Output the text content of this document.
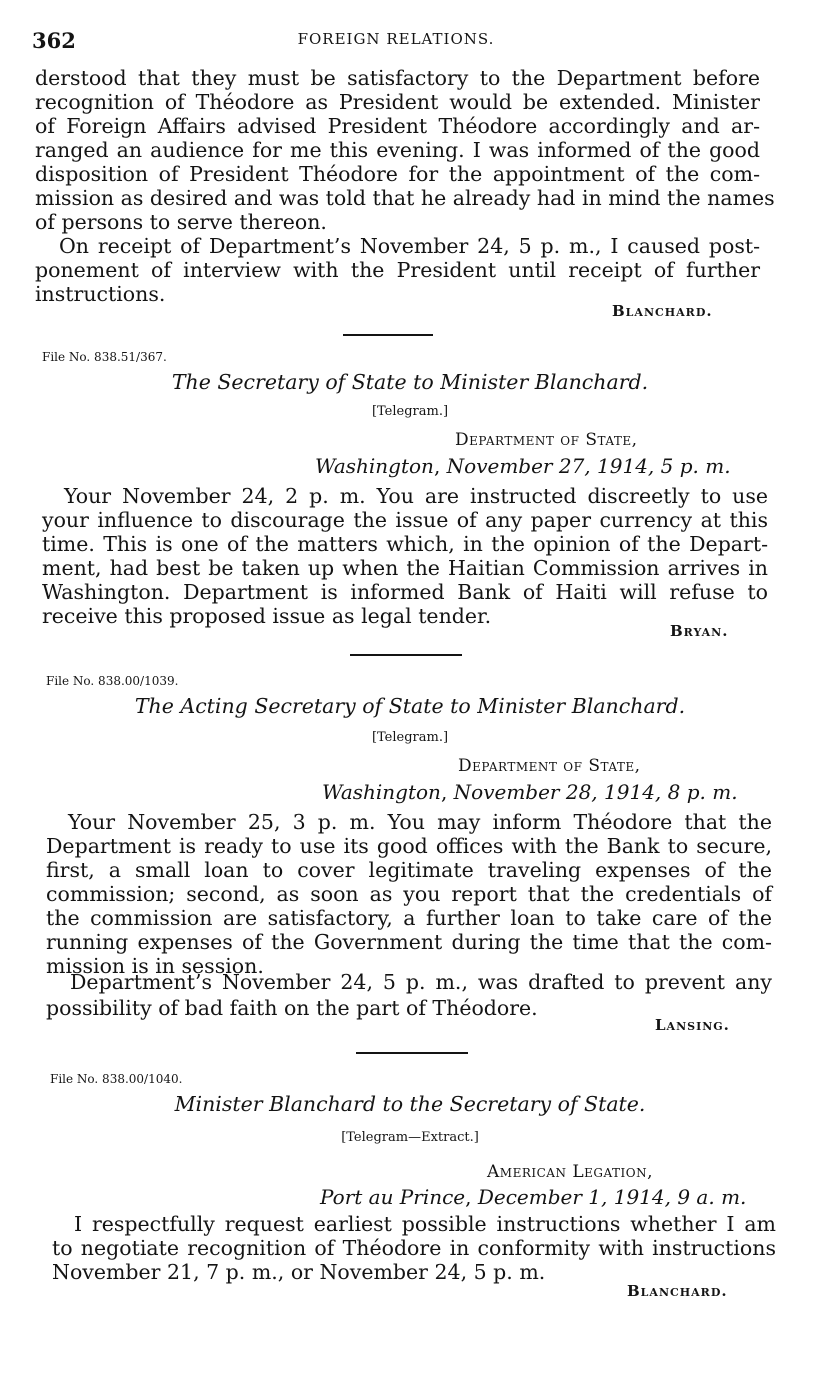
362	FOREIGN RELATIONS.
derstood that they must be satisfactory to the Department before
recognition of Théodore as President would be extended. Minister
of Foreign Affairs advised President Théodore accordingly and ar-
ranged an audience for me this evening. I was informed of the good
disposition of President Théodore for the appointment of the com-
mission as desired and was told that he already had in mind the names
of persons to serve thereon.
On receipt of Department’s November 24, 5 p. m., I caused post-
ponement of interview with the President until receipt of further
instructions.
Blanchard.
File No. 838.51/367.
The Secretary of State to Minister Blanchard.
[Telegram.]
Department of State,
Washington, November 27, 1914, 5 p. m.
Your November 24, 2 p. m. You are instructed discreetly to use
your influence to discourage the issue of any paper currency at this
time. This is one of the matters which, in the opinion of the Depart-
ment, had best be taken up when the Haitian Commission arrives in
Washington. Department is informed Bank of Haiti will refuse to
receive this proposed issue as legal tender.
Bryan.
File No. 838.00/1039.
The Acting Secretary of State to Minister Blanchard.
[Telegram.]
Department of State,
Washington, November 28, 1914, 8 p. m.
Your November 25, 3 p. m. You may inform Théodore that the
Department is ready to use its good offices with the Bank to secure,
first, a small loan to cover legitimate traveling expenses of the
commission; second, as soon as you report that the credentials of
the commission are satisfactory, a further loan to take care of the
running expenses of the Government during the time that the com-
mission is in session.
Department’s November 24, 5 p. m., was drafted to prevent any
possibility of bad faith on the part of Théodore.
Lansing.
File No. 838.00/1040.
Minister Blanchard to the Secretary of State.
[Telegram—Extract.]
American Legation,
Port au Prince, December 1, 1914, 9 a. m.
I respectfully request earliest possible instructions whether I am
to negotiate recognition of Théodore in conformity with instructions
November 21, 7 p. m., or November 24, 5 p. m.
Blanchard.
